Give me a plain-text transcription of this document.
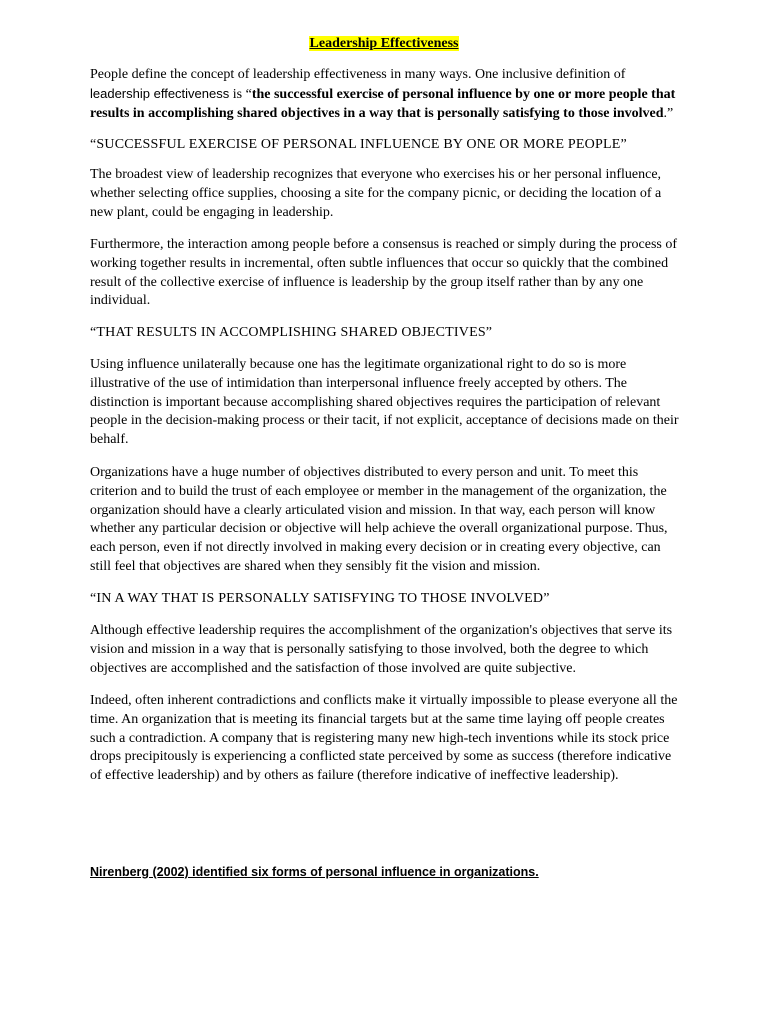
Leadership Effectiveness

People define the concept of leadership effectiveness in many ways. One inclusive definition of leadership effectiveness is “the successful exercise of personal influence by one or more people that results in accomplishing shared objectives in a way that is personally satisfying to those involved.”

“SUCCESSFUL EXERCISE OF PERSONAL INFLUENCE BY ONE OR MORE PEOPLE”

The broadest view of leadership recognizes that everyone who exercises his or her personal influence, whether selecting office supplies, choosing a site for the company picnic, or deciding the location of a new plant, could be engaging in leadership.

Furthermore, the interaction among people before a consensus is reached or simply during the process of working together results in incremental, often subtle influences that occur so quickly that the combined result of the collective exercise of influence is leadership by the group itself rather than by any one individual.

“THAT RESULTS IN ACCOMPLISHING SHARED OBJECTIVES”

Using influence unilaterally because one has the legitimate organizational right to do so is more illustrative of the use of intimidation than interpersonal influence freely accepted by others. The distinction is important because accomplishing shared objectives requires the participation of relevant people in the decision-making process or their tacit, if not explicit, acceptance of decisions made on their behalf.

Organizations have a huge number of objectives distributed to every person and unit. To meet this criterion and to build the trust of each employee or member in the management of the organization, the organization should have a clearly articulated vision and mission. In that way, each person will know whether any particular decision or objective will help achieve the overall organizational purpose. Thus, each person, even if not directly involved in making every decision or in creating every objective, can still feel that objectives are shared when they sensibly fit the vision and mission.

“IN A WAY THAT IS PERSONALLY SATISFYING TO THOSE INVOLVED”

Although effective leadership requires the accomplishment of the organization's objectives that serve its vision and mission in a way that is personally satisfying to those involved, both the degree to which objectives are accomplished and the satisfaction of those involved are quite subjective.

Indeed, often inherent contradictions and conflicts make it virtually impossible to please everyone all the time. An organization that is meeting its financial targets but at the same time laying off people creates such a contradiction. A company that is registering many new high-tech inventions while its stock price drops precipitously is experiencing a conflicted state perceived by some as success (therefore indicative of effective leadership) and by others as failure (therefore indicative of ineffective leadership).

Nirenberg (2002) identified six forms of personal influence in organizations.
